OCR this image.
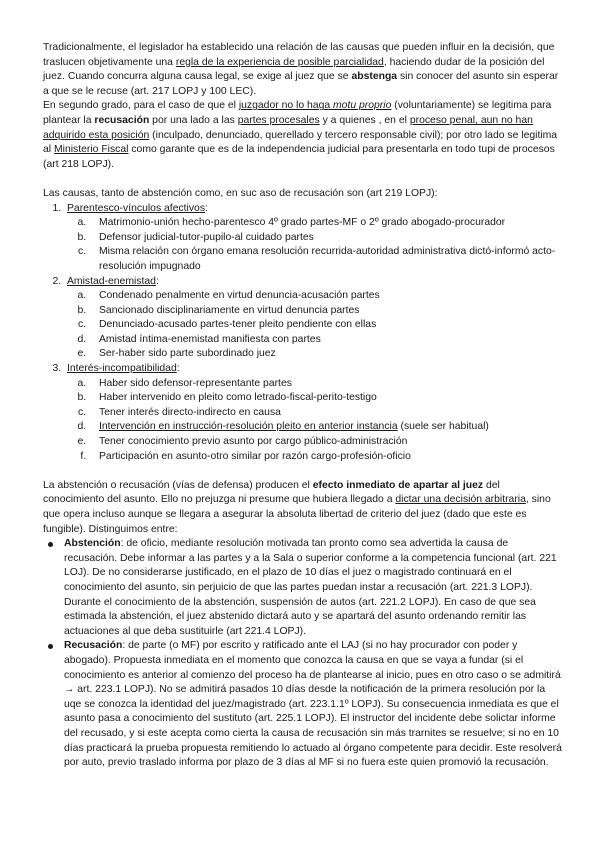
Tradicionalmente, el legislador ha establecido una relación de las causas que pueden influir en la decisión, que traslucen objetivamente una regla de la experiencia de posible parcialidad, haciendo dudar de la posición del juez. Cuando concurra alguna causa legal, se exige al juez que se abstenga sin conocer del asunto sin esperar a que se le recuse (art. 217 LOPJ y 100 LEC).

En segundo grado, para el caso de que el juzgador no lo haga motu proprio (voluntariamente) se legitima para plantear la recusación por una lado a las partes procesales y a quienes , en el proceso penal, aun no han adquirido esta posición (inculpado, denunciado, querellado y tercero responsable civil); por otro lado se legitima al Ministerio Fiscal como garante que es de la independencia judicial para presentarla en todo tupi de procesos (art 218 LOPJ).

Las causas, tanto de abstención como, en suc aso de recusación son (art 219 LOPJ):

1. Parentesco-vínculos afectivos:
a. Matrimonio-unión hecho-parentesco 4º grado partes-MF o 2º grado abogado-procurador
b. Defensor judicial-tutor-pupilo-al cuidado partes
c. Misma relación con órgano emana resolución recurrida-autoridad administrativa dictó-informó acto-resolución impugnado
2. Amistad-enemistad:
a. Condenado penalmente en virtud denuncia-acusación partes
b. Sancionado disciplinariamente en virtud denuncia partes
c. Denunciado-acusado partes-tener pleito pendiente con ellas
d. Amistad íntima-enemistad manifiesta con partes
e. Ser-haber sido parte subordinado juez
3. Interés-incompatibilidad:
a. Haber sido defensor-representante partes
b. Haber intervenido en pleito como letrado-fiscal-perito-testigo
c. Tener interés directo-indirecto en causa
d. Intervención en instrucción-resolución pleito en anterior instancia (suele ser habitual)
e. Tener conocimiento previo asunto por cargo público-administración
f. Participación en asunto-otro similar por razón cargo-profesión-oficio

La abstención o recusación (vías de defensa) producen el efecto inmediato de apartar al juez del conocimiento del asunto. Ello no prejuzga ni presume que hubiera llegado a dictar una decisión arbitraria, sino que opera incluso aunque se llegara a asegurar la absoluta libertad de criterio del juez (dado que este es fungible). Distinguimos entre:

Abstención: de oficio, mediante resolución motivada tan pronto como sea advertida la causa de recusación. Debe informar a las partes y a la Sala o superior conforme a la competencia funcional (art. 221 LOJ). De no considerarse justificado, en el plazo de 10 días el juez o magistrado continuará en el conocimiento del asunto, sin perjuicio de que las partes puedan instar a recusación (art. 221.3 LOPJ). Durante el conocimiento de la abstención, suspensión de autos (art. 221.2 LOPJ). En caso de que sea estimada la abstención, el juez abstenido dictará auto y se apartará del asunto ordenando remitir las actuaciones al que deba sustituirle (art 221.4 LOPJ).
Recusación: de parte (o MF) por escrito y ratificado ante el LAJ (si no hay procurador con poder y abogado). Propuesta inmediata en el momento que conozca la causa en que se vaya a fundar (si el conocimiento es anterior al comienzo del proceso ha de plantearse al inicio, pues en otro caso o se admitirá → art. 223.1 LOPJ). No se admitirá pasados 10 días desde la notificación de la primera resolución por la uqe se conozca la identidad del juez/magistrado (art. 223.1.1º LOPJ). Su consecuencia inmediata es que el asunto pasa a conocimiento del sustituto (art. 225.1 LOPJ). El instructor del incidente debe solictar informe del recusado, y si este acepta como cierta la causa de recusación sin más trarnites se resuelve; si no en 10 días practicará la prueba propuesta remitiendo lo actuado al órgano competente para decidir. Este resolverá por auto, previo traslado informa por plazo de 3 días al MF si no fuera este quien promovió la recusación.
